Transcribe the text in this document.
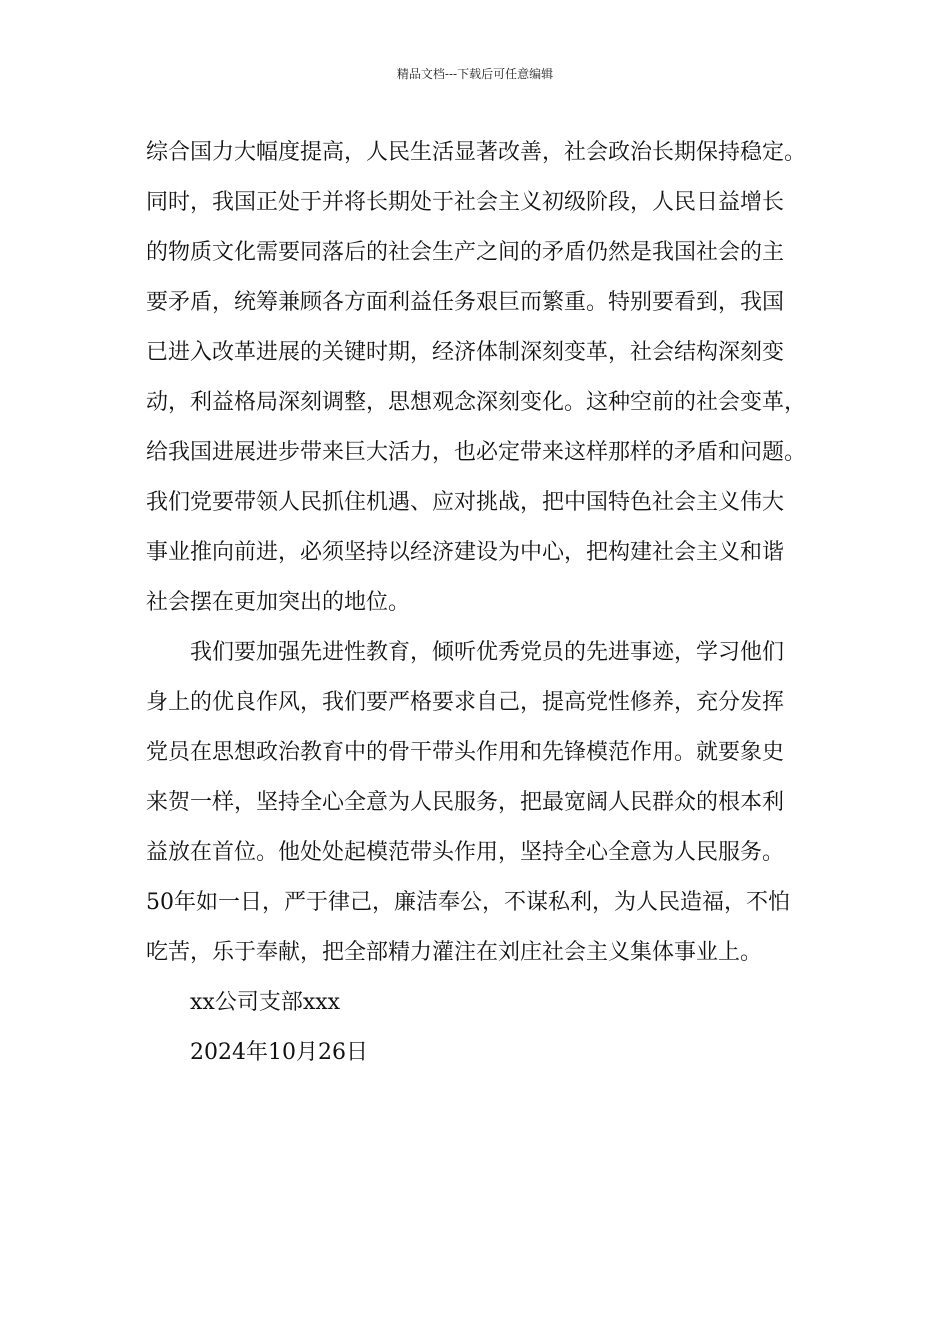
精品文档---下载后可任意编辑
综合国力大幅度提高，人民生活显著改善，社会政治长期保持稳定。
同时，我国正处于并将长期处于社会主义初级阶段，人民日益增长
的物质文化需要同落后的社会生产之间的矛盾仍然是我国社会的主
要矛盾，统筹兼顾各方面利益任务艰巨而繁重。特别要看到，我国
已进入改革进展的关键时期，经济体制深刻变革，社会结构深刻变
动，利益格局深刻调整，思想观念深刻变化。这种空前的社会变革，
给我国进展进步带来巨大活力，也必定带来这样那样的矛盾和问题。
我们党要带领人民抓住机遇、应对挑战，把中国特色社会主义伟大
事业推向前进，必须坚持以经济建设为中心，把构建社会主义和谐
社会摆在更加突出的地位。
我们要加强先进性教育，倾听优秀党员的先进事迹，学习他们
身上的优良作风，我们要严格要求自己，提高党性修养，充分发挥
党员在思想政治教育中的骨干带头作用和先锋模范作用。就要象史
来贺一样，坚持全心全意为人民服务，把最宽阔人民群众的根本利
益放在首位。他处处起模范带头作用，坚持全心全意为人民服务。
50年如一日，严于律己，廉洁奉公，不谋私利，为人民造福，不怕
吃苦，乐于奉献，把全部精力灌注在刘庄社会主义集体事业上。
xx公司支部xxx
2024年10月26日
